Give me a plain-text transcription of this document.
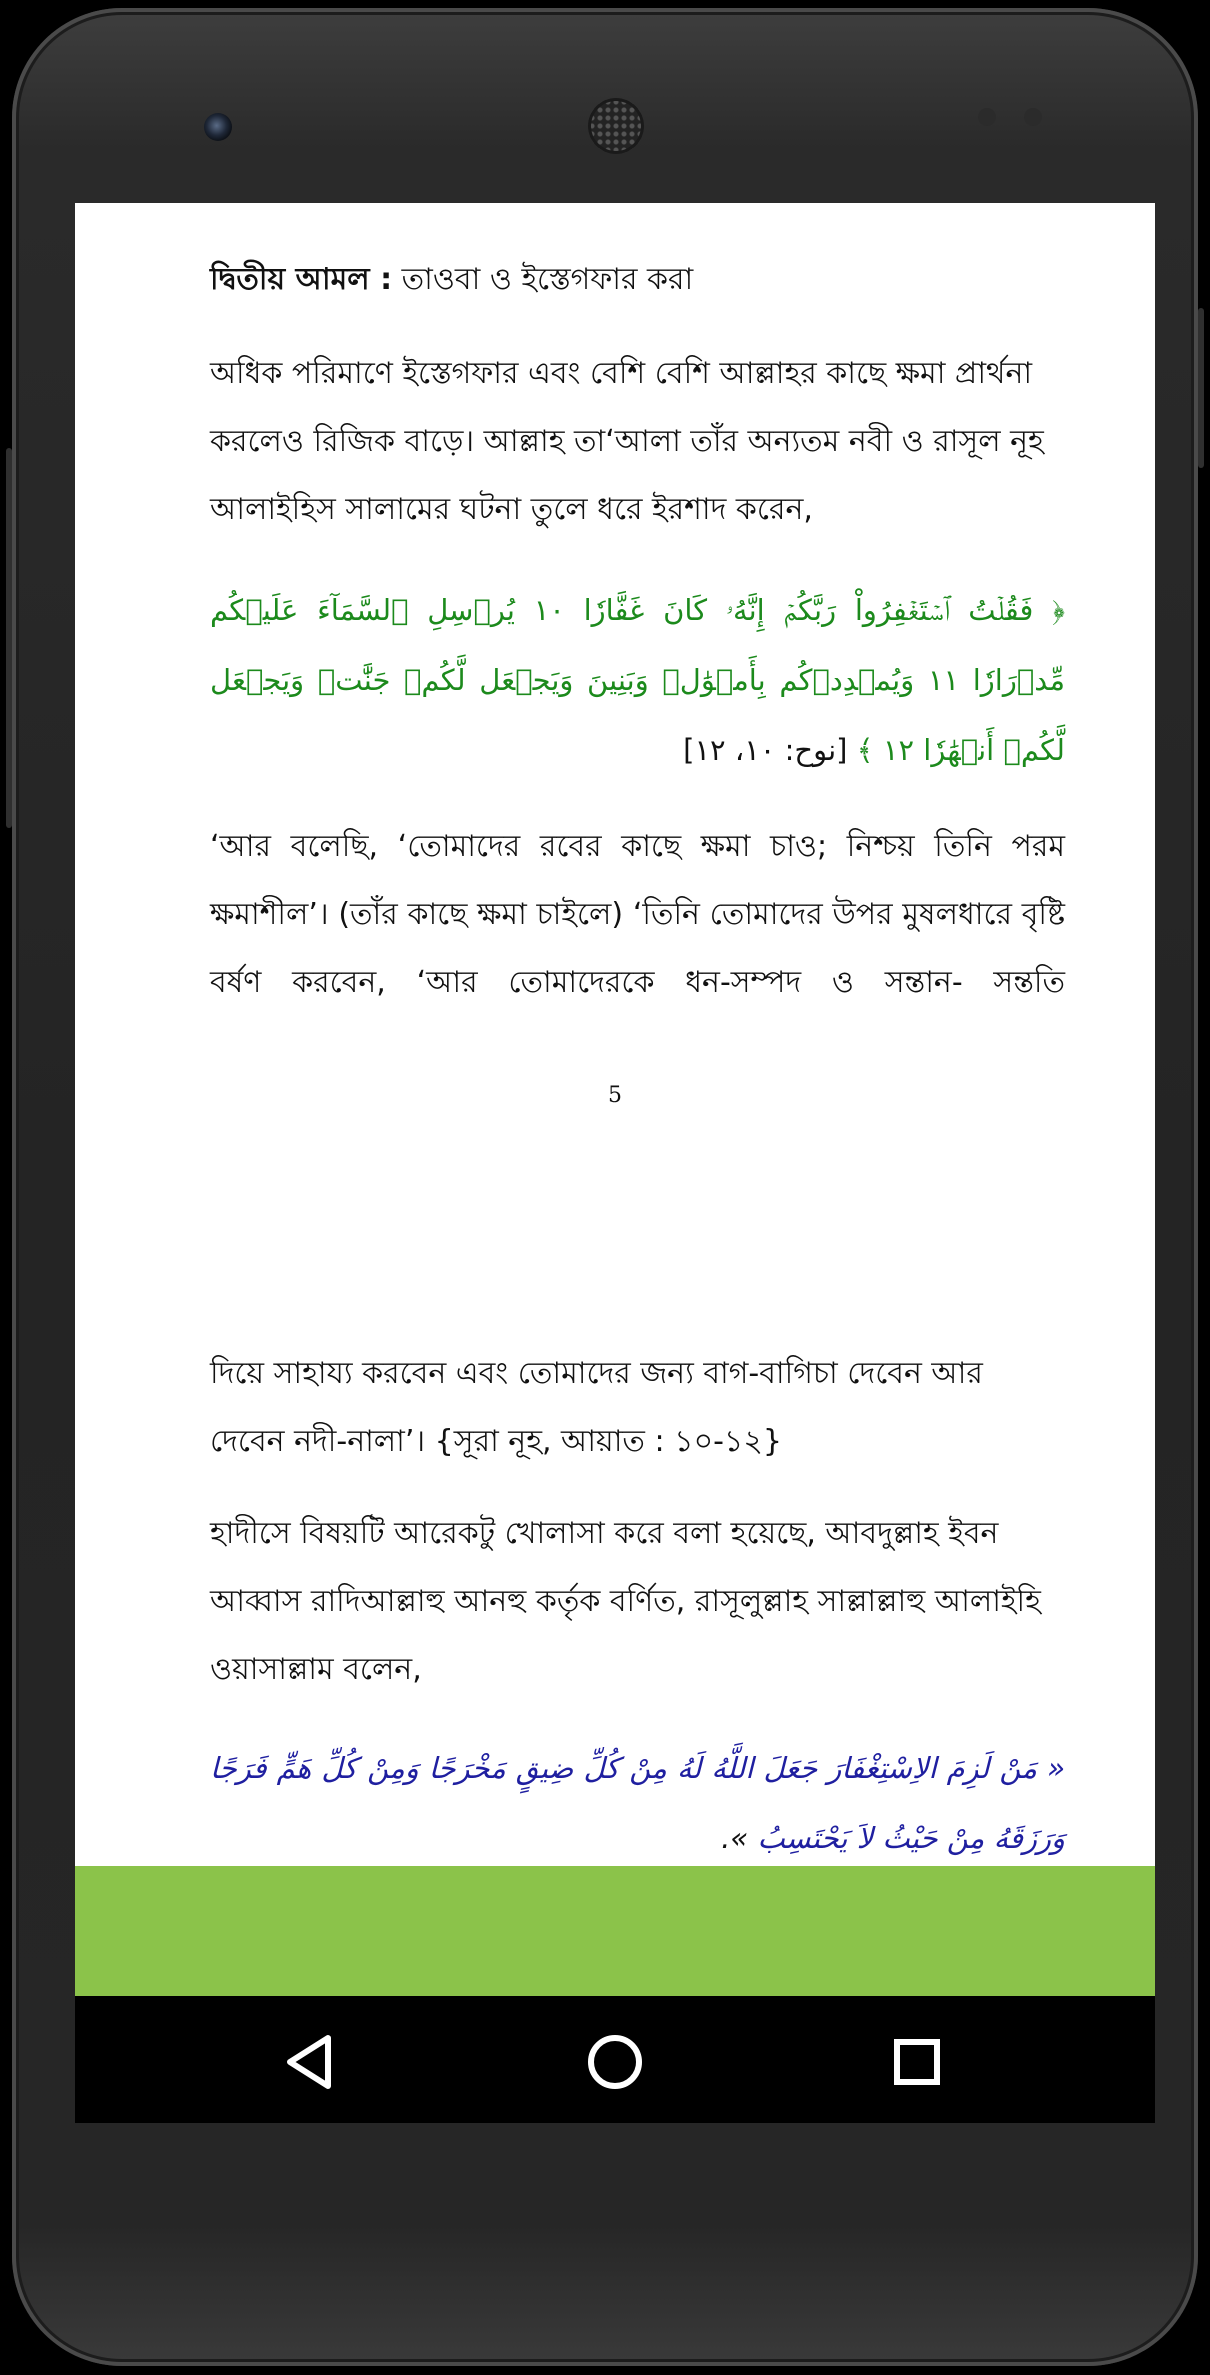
দ্বিতীয় আমল : তাওবা ও ইস্তেগফার করা
অধিক পরিমাণে ইস্তেগফার এবং বেশি বেশি আল্লাহর কাছে ক্ষমা প্রার্থনা করলেও রিজিক বাড়ে। আল্লাহ তা‘আলা তাঁর অন্যতম নবী ও রাসূল নূহ আলাইহিস সালামের ঘটনা তুলে ধরে ইরশাদ করেন,
﴿ فَقُلۡتُ ٱسۡتَغۡفِرُواْ رَبَّكُمۡ إِنَّهُۥ كَانَ غَفَّارٗا ١٠ يُرۡسِلِ ٱلسَّمَآءَ عَلَيۡكُم مِّدۡرَارٗا ١١ وَيُمۡدِدۡكُم بِأَمۡوَٰلٖ وَبَنِينَ وَيَجۡعَل لَّكُمۡ جَنَّٰتٖ وَيَجۡعَل لَّكُمۡ أَنۡهَٰرٗا ١٢ ﴾ [نوح: ١٠، ١٢]
‘আর বলেছি, ‘তোমাদের রবের কাছে ক্ষমা চাও; নিশ্চয় তিনি পরম ক্ষমাশীল’। (তাঁর কাছে ক্ষমা চাইলে) ‘তিনি তোমাদের উপর মুষলধারে বৃষ্টি বর্ষণ করবেন, ‘আর তোমাদেরকে ধন-সম্পদ ও সন্তান- সন্ততি
5
দিয়ে সাহায্য করবেন এবং তোমাদের জন্য বাগ-বাগিচা দেবেন আর দেবেন নদী-নালা’। {সূরা নূহ, আয়াত : ১০-১২}
হাদীসে বিষয়টি আরেকটু খোলাসা করে বলা হয়েছে, আবদুল্লাহ ইবন আব্বাস রাদিআল্লাহু আনহু কর্তৃক বর্ণিত, রাসূলুল্লাহ সাল্লাল্লাহু আলাইহি ওয়াসাল্লাম বলেন,
« مَنْ لَزِمَ الاِسْتِغْفَارَ جَعَلَ اللَّهُ لَهُ مِنْ كُلِّ ضِيقٍ مَخْرَجًا وَمِنْ كُلِّ هَمٍّ فَرَجًا وَرَزَقَهُ مِنْ حَيْثُ لاَ يَحْتَسِبُ ».
